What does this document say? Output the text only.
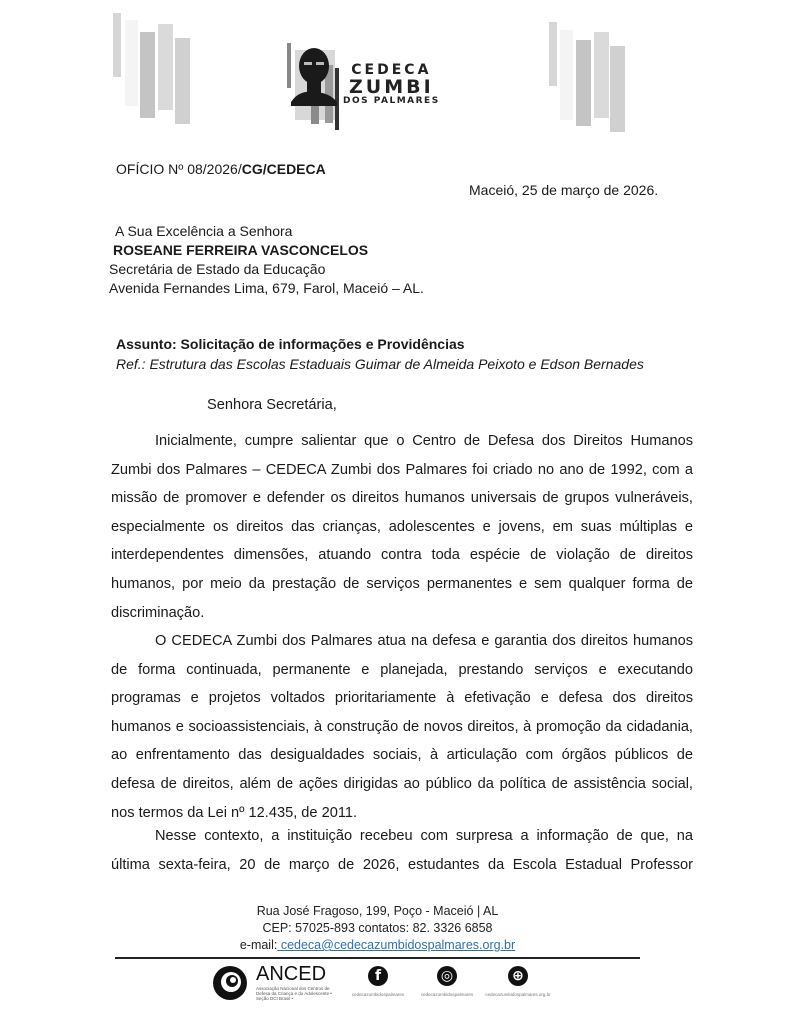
CEDECA
ZUMBI
DOS PALMARES
OFÍCIO Nº 08/2026/CG/CEDECA
Maceió, 25 de março de 2026.
A Sua Excelência a Senhora
ROSEANE FERREIRA VASCONCELOS
Secretária de Estado da Educação
Avenida Fernandes Lima, 679, Farol, Maceió – AL.
Assunto: Solicitação de informações e Providências
Ref.: Estrutura das Escolas Estaduais Guimar de Almeida Peixoto e Edson Bernades
Senhora Secretária,

Inicialmente, cumpre salientar que o Centro de Defesa dos Direitos Humanos Zumbi dos Palmares – CEDECA Zumbi dos Palmares foi criado no ano de 1992, com a missão de promover e defender os direitos humanos universais de grupos vulneráveis, especialmente os direitos das crianças, adolescentes e jovens, em suas múltiplas e interdependentes dimensões, atuando contra toda espécie de violação de direitos humanos, por meio da prestação de serviços permanentes e sem qualquer forma de discriminação.

O CEDECA Zumbi dos Palmares atua na defesa e garantia dos direitos humanos de forma continuada, permanente e planejada, prestando serviços e executando programas e projetos voltados prioritariamente à efetivação e defesa dos direitos humanos e socioassistenciais, à construção de novos direitos, à promoção da cidadania, ao enfrentamento das desigualdades sociais, à articulação com órgãos públicos de defesa de direitos, além de ações dirigidas ao público da política de assistência social, nos termos da Lei nº 12.435, de 2011.

Nesse contexto, a instituição recebeu com surpresa a informação de que, na última sexta-feira, 20 de março de 2026, estudantes da Escola Estadual Professor

Rua José Fragoso, 199, Poço - Maceió | AL
CEP: 57025-893 contatos: 82. 3326 6858
e-mail: cedeca@cedecazumbidospalmares.org.br
ANCED
Associação Nacional dos Centros de Defesa da Criança e do Adolescente • Seção DCI Brasil •
f
cedecazumbidospalmares
◎
cedecazumbidospalmares
⊕
cedecazumbidospalmares.org.br
